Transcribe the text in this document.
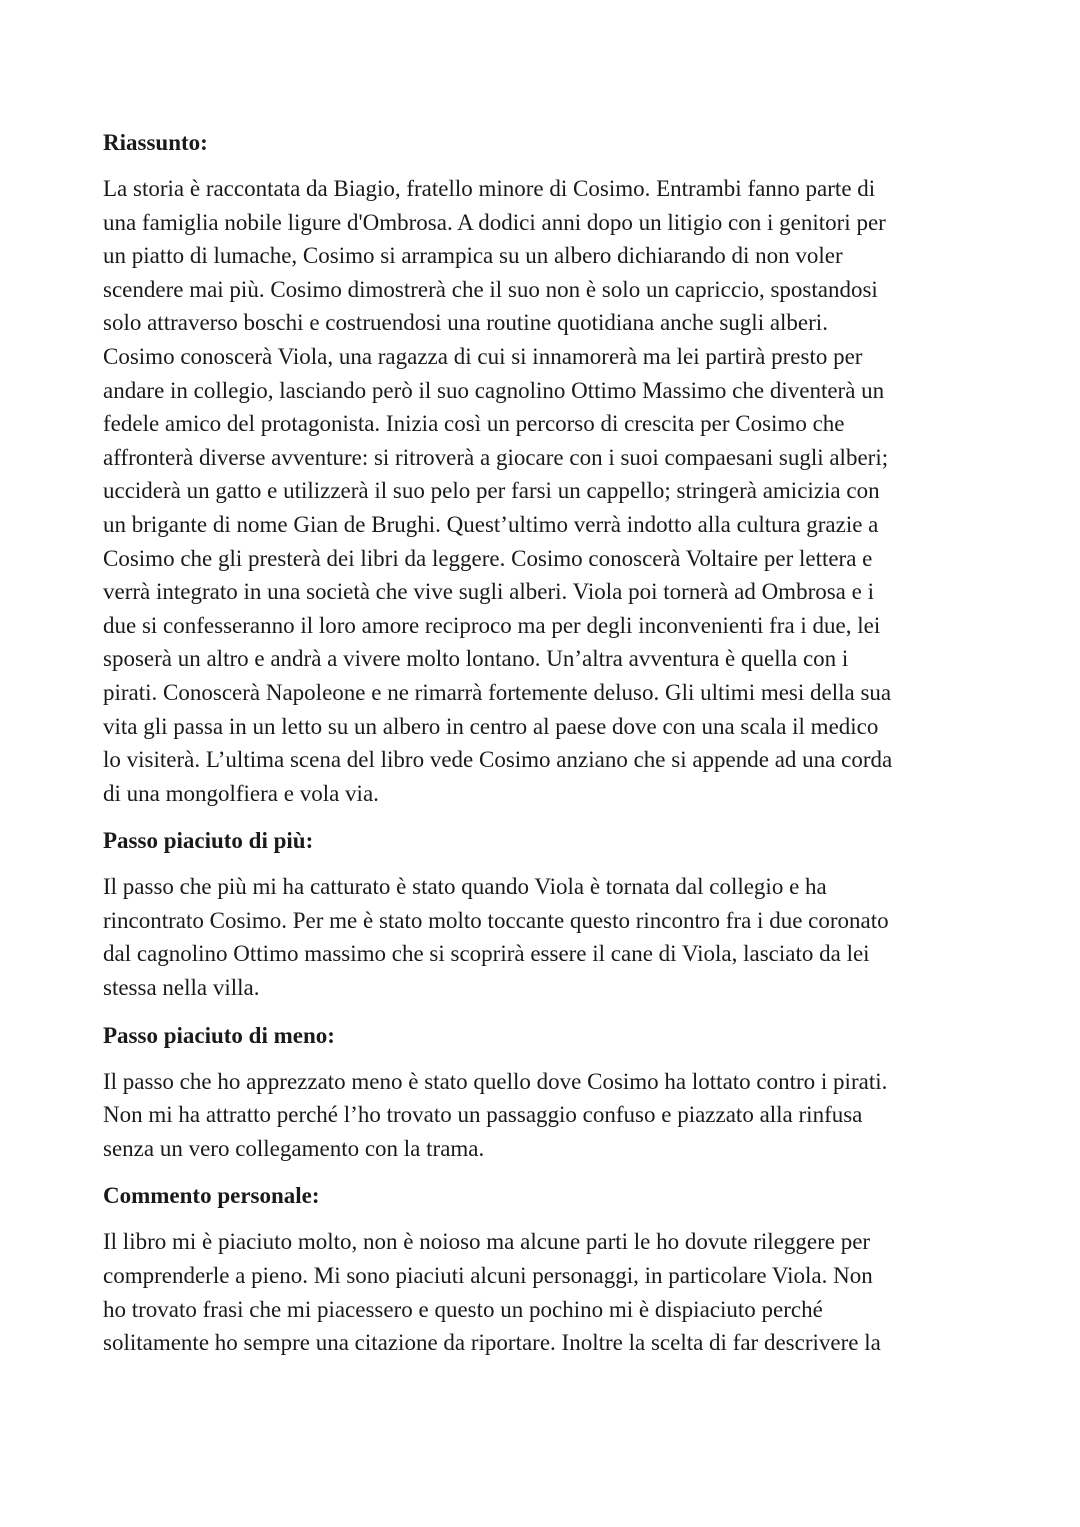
Riassunto:
La storia è raccontata da Biagio, fratello minore di Cosimo. Entrambi fanno parte di
una famiglia nobile ligure d'Ombrosa. A dodici anni dopo un litigio con i genitori per
un piatto di lumache, Cosimo si arrampica su un albero dichiarando di non voler
scendere mai più. Cosimo dimostrerà che il suo non è solo un capriccio, spostandosi
solo attraverso boschi e costruendosi una routine quotidiana anche sugli alberi.
Cosimo conoscerà Viola, una ragazza di cui si innamorerà ma lei partirà presto per
andare in collegio, lasciando però il suo cagnolino Ottimo Massimo che diventerà un
fedele amico del protagonista. Inizia così un percorso di crescita per Cosimo che
affronterà diverse avventure: si ritroverà a giocare con i suoi compaesani sugli alberi;
ucciderà un gatto e utilizzerà il suo pelo per farsi un cappello; stringerà amicizia con
un brigante di nome Gian de Brughi. Quest’ultimo verrà indotto alla cultura grazie a
Cosimo che gli presterà dei libri da leggere. Cosimo conoscerà Voltaire per lettera e
verrà integrato in una società che vive sugli alberi. Viola poi tornerà ad Ombrosa e i
due si confesseranno il loro amore reciproco ma per degli inconvenienti fra i due, lei
sposerà un altro e andrà a vivere molto lontano. Un’altra avventura è quella con i
pirati. Conoscerà Napoleone e ne rimarrà fortemente deluso. Gli ultimi mesi della sua
vita gli passa in un letto su un albero in centro al paese dove con una scala il medico
lo visiterà. L’ultima scena del libro vede Cosimo anziano che si appende ad una corda
di una mongolfiera e vola via.
Passo piaciuto di più:
Il passo che più mi ha catturato è stato quando Viola è tornata dal collegio e ha
rincontrato Cosimo. Per me è stato molto toccante questo rincontro fra i due coronato
dal cagnolino Ottimo massimo che si scoprirà essere il cane di Viola, lasciato da lei
stessa nella villa.
Passo piaciuto di meno:
Il passo che ho apprezzato meno è stato quello dove Cosimo ha lottato contro i pirati.
Non mi ha attratto perché l’ho trovato un passaggio confuso e piazzato alla rinfusa
senza un vero collegamento con la trama.
Commento personale:
Il libro mi è piaciuto molto, non è noioso ma alcune parti le ho dovute rileggere per
comprenderle a pieno. Mi sono piaciuti alcuni personaggi, in particolare Viola. Non
ho trovato frasi che mi piacessero e questo un pochino mi è dispiaciuto perché
solitamente ho sempre una citazione da riportare. Inoltre la scelta di far descrivere la
